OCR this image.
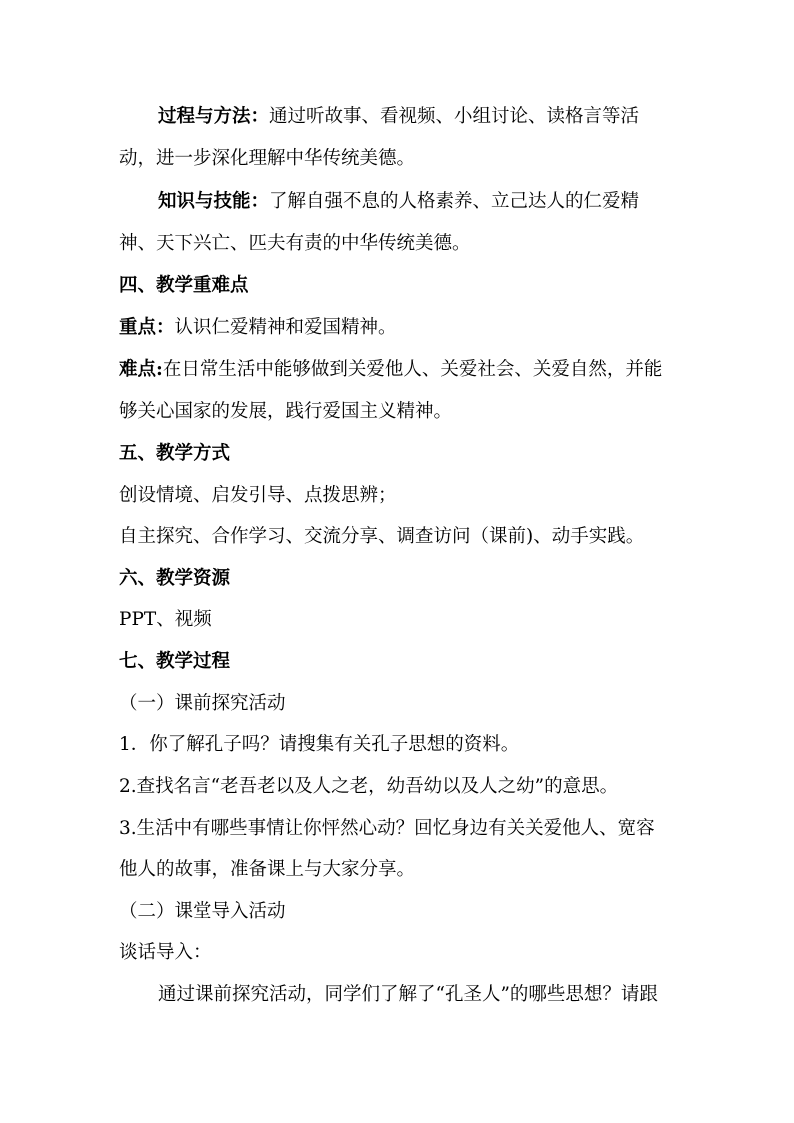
过程与方法：通过听故事、看视频、小组讨论、读格言等活
动，进一步深化理解中华传统美德。
知识与技能：了解自强不息的人格素养、立己达人的仁爱精
神、天下兴亡、匹夫有责的中华传统美德。
四、教学重难点
重点：认识仁爱精神和爱国精神。
难点:在日常生活中能够做到关爱他人、关爱社会、关爱自然，并能
够关心国家的发展，践行爱国主义精神。
五、教学方式
创设情境、启发引导、点拨思辨；
自主探究、合作学习、交流分享、调查访问（课前)、动手实践。
六、教学资源
PPT、视频
七、教学过程
（一）课前探究活动
1．你了解孔子吗？请搜集有关孔子思想的资料。
2.查找名言“老吾老以及人之老，幼吾幼以及人之幼”的意思。
3.生活中有哪些事情让你怦然心动？回忆身边有关关爱他人、宽容
他人的故事，准备课上与大家分享。
（二）课堂导入活动
谈话导入：
通过课前探究活动，同学们了解了“孔圣人”的哪些思想？请跟
